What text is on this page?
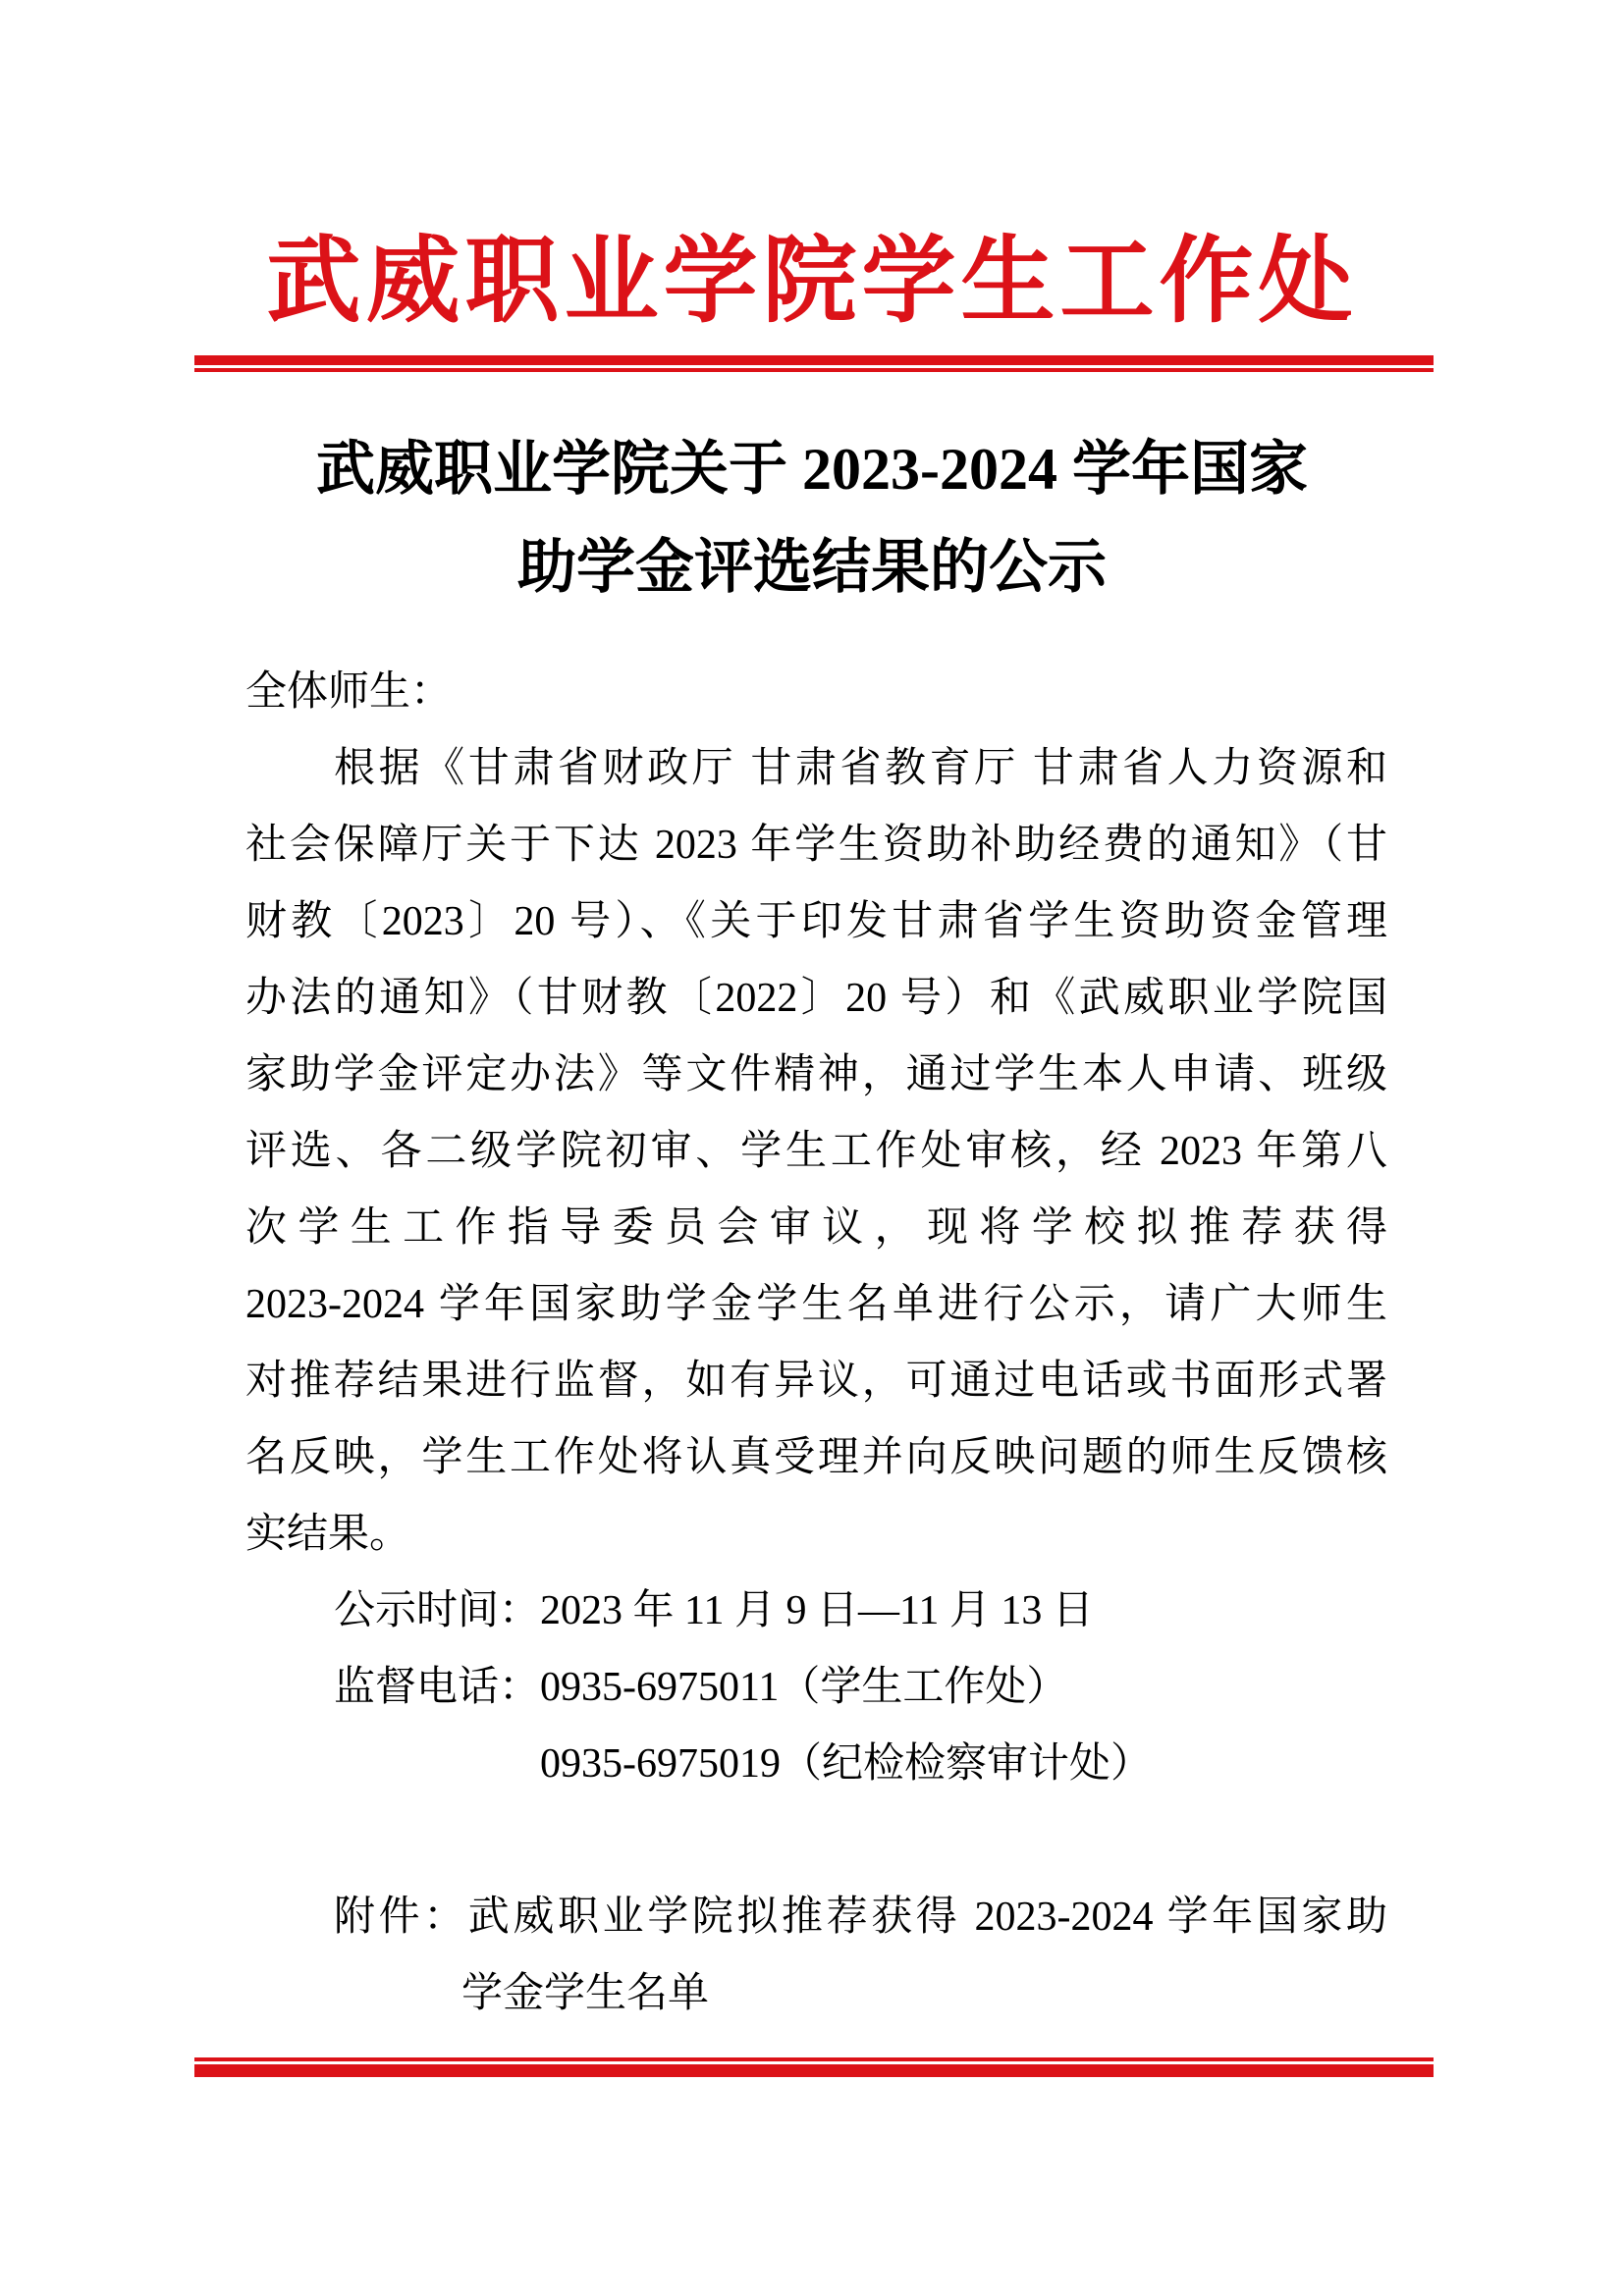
武威职业学院学生工作处
武威职业学院关于 2023-2024 学年国家
助学金评选结果的公示
全体师生：
根据《甘肃省财政厅 甘肃省教育厅 甘肃省人力资源和
社会保障厅关于下达 2023 年学生资助补助经费的通知》（甘
财教〔2023〕20 号）、《关于印发甘肃省学生资助资金管理
办法的通知》（甘财教〔2022〕20 号）和《武威职业学院国
家助学金评定办法》等文件精神，通过学生本人申请、班级
评选、各二级学院初审、学生工作处审核，经 2023 年第八
次学生工作指导委员会审议，现将学校拟推荐获得
2023-2024 学年国家助学金学生名单进行公示，请广大师生
对推荐结果进行监督，如有异议，可通过电话或书面形式署
名反映，学生工作处将认真受理并向反映问题的师生反馈核
实结果。
公示时间：2023 年 11 月 9 日—11 月 13 日
监督电话：0935-6975011（学生工作处）
0935-6975019（纪检检察审计处）
附件：武威职业学院拟推荐获得 2023-2024 学年国家助
学金学生名单
